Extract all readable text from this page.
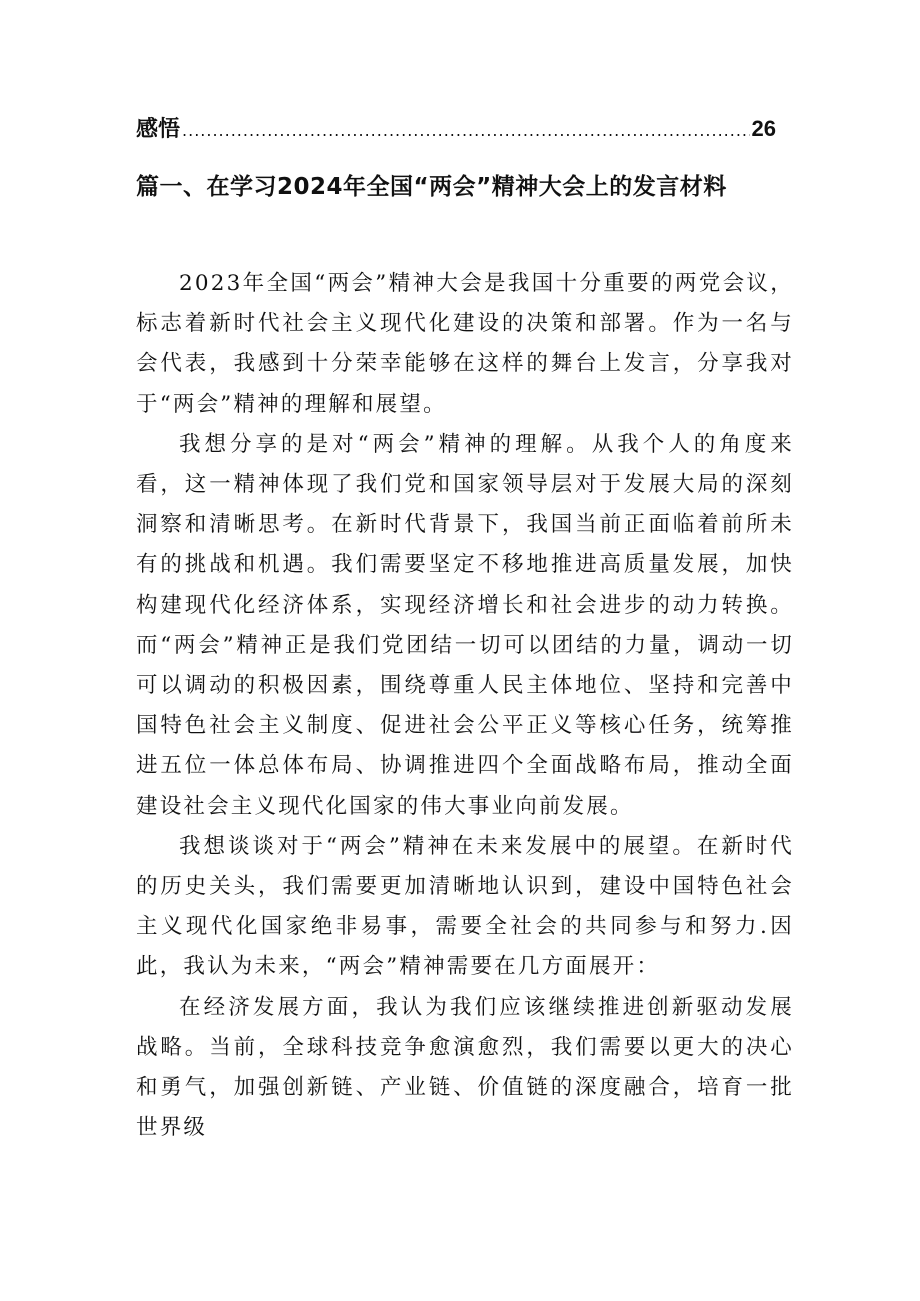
感悟
.....	26
篇一、在学习2024年全国“两会”精神大会上的发言材料

2023年全国“两会”精神大会是我国十分重要的两党会议，标志着新时代社会主义现代化建设的决策和部署。作为一名与会代表，我感到十分荣幸能够在这样的舞台上发言，分享我对于“两会”精神的理解和展望。

我想分享的是对“两会”精神的理解。从我个人的角度来看，这一精神体现了我们党和国家领导层对于发展大局的深刻洞察和清晰思考。在新时代背景下，我国当前正面临着前所未有的挑战和机遇。我们需要坚定不移地推进高质量发展，加快构建现代化经济体系，实现经济增长和社会进步的动力转换。而“两会”精神正是我们党团结一切可以团结的力量，调动一切可以调动的积极因素，围绕尊重人民主体地位、坚持和完善中国特色社会主义制度、促进社会公平正义等核心任务，统筹推进五位一体总体布局、协调推进四个全面战略布局，推动全面建设社会主义现代化国家的伟大事业向前发展。

我想谈谈对于“两会”精神在未来发展中的展望。在新时代的历史关头，我们需要更加清晰地认识到，建设中国特色社会主义现代化国家绝非易事，需要全社会的共同参与和努力.因此，我认为未来，“两会”精神需要在几方面展开：

在经济发展方面，我认为我们应该继续推进创新驱动发展战略。当前，全球科技竞争愈演愈烈，我们需要以更大的决心和勇气，加强创新链、产业链、价值链的深度融合，培育一批世界级
